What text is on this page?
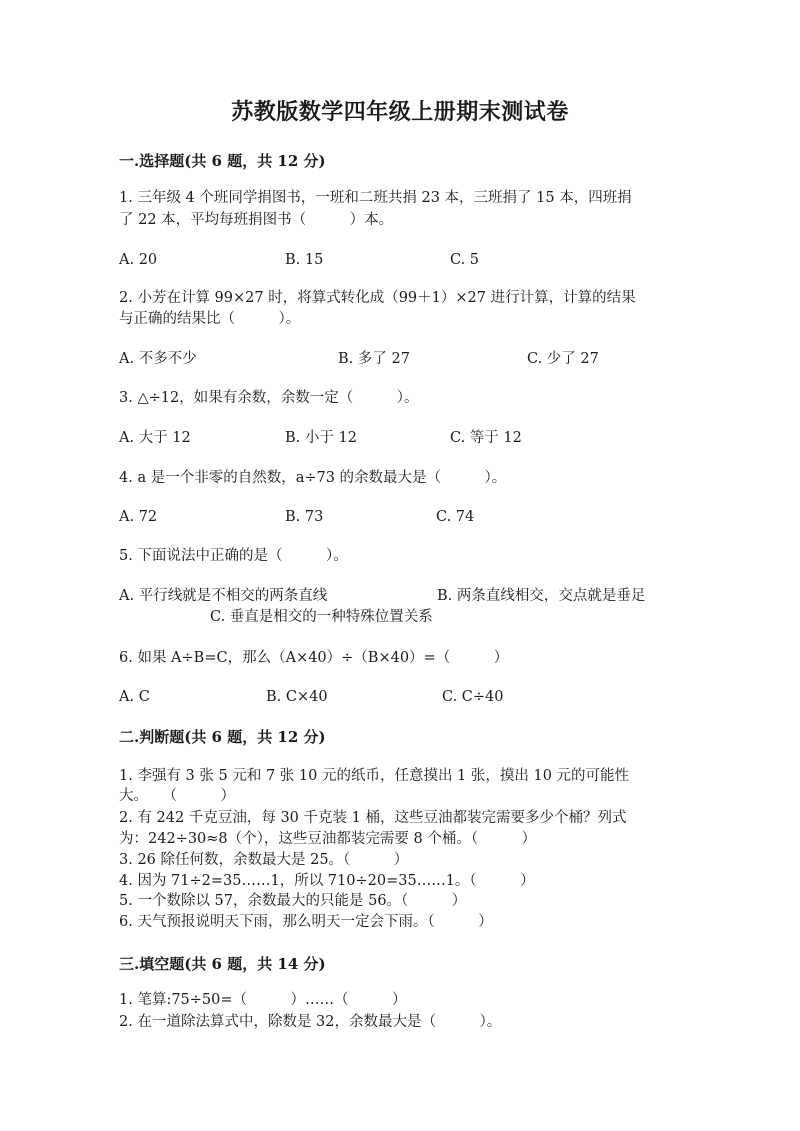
苏教版数学四年级上册期末测试卷
一.选择题(共 6 题，共 12 分)
1. 三年级 4 个班同学捐图书，一班和二班共捐 23 本，三班捐了 15 本，四班捐
了 22 本，平均每班捐图书（　　　）本。
A. 20	B. 15	C. 5
2. 小芳在计算 99×27 时，将算式转化成（99＋1）×27 进行计算，计算的结果
与正确的结果比（　　　）。
A. 不多不少	B. 多了 27	C. 少了 27
3. △÷12，如果有余数，余数一定（　　　）。
A. 大于 12	B. 小于 12	C. 等于 12
4. a 是一个非零的自然数，a÷73 的余数最大是（　　　）。
A. 72	B. 73	C. 74
5. 下面说法中正确的是（　　　）。
A. 平行线就是不相交的两条直线	B. 两条直线相交，交点就是垂足
C. 垂直是相交的一种特殊位置关系
6. 如果 A÷B=C，那么（A×40）÷（B×40）=（　　　）
A. C	B. C×40	C. C÷40
二.判断题(共 6 题，共 12 分)
1. 李强有 3 张 5 元和 7 张 10 元的纸币，任意摸出 1 张，摸出 10 元的可能性
大。　　（　　　）
2. 有 242 千克豆油，每 30 千克装 1 桶，这些豆油都装完需要多少个桶？列式
为：242÷30≈8（个），这些豆油都装完需要 8 个桶。（　　　）
3. 26 除任何数，余数最大是 25。（　　　）
4. 因为 71÷2=35……1，所以 710÷20=35……1。（　　　）
5. 一个数除以 57，余数最大的只能是 56。（　　　）
6. 天气预报说明天下雨，那么明天一定会下雨。（　　　）
三.填空题(共 6 题，共 14 分)
1. 笔算:75÷50=（　　　）……（　　　）
2. 在一道除法算式中，除数是 32，余数最大是（　　　）。
